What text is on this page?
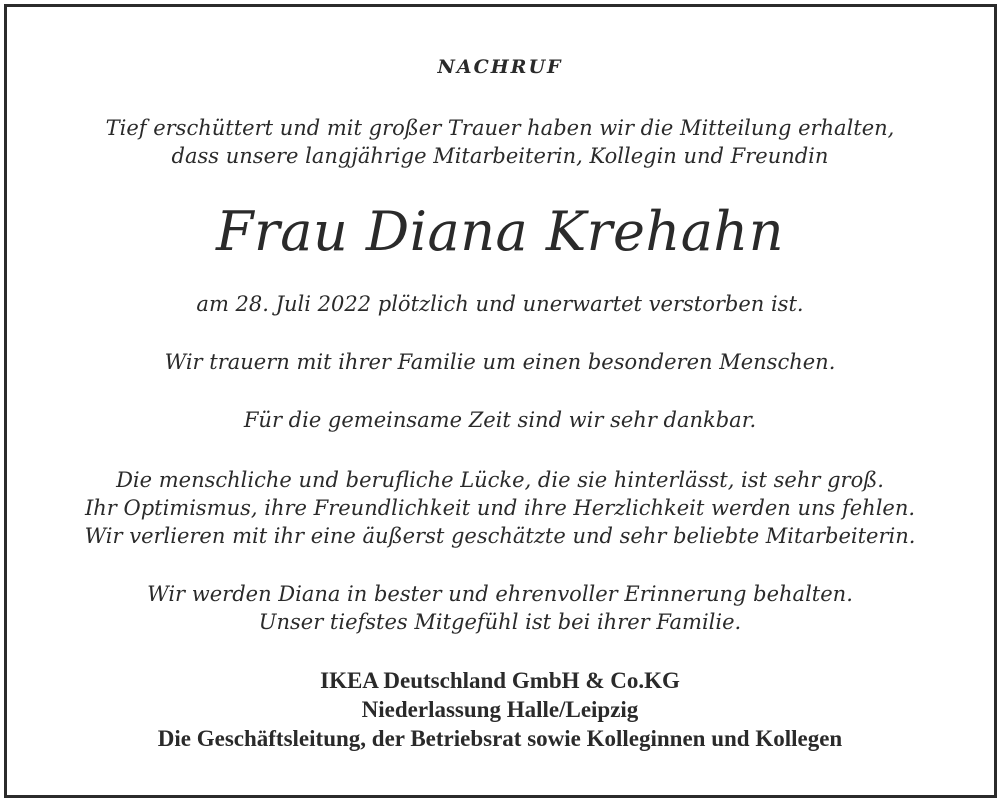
NACHRUF
Tief erschüttert und mit großer Trauer haben wir die Mitteilung erhalten,
dass unsere langjährige Mitarbeiterin, Kollegin und Freundin
Frau Diana Krehahn
am 28. Juli 2022 plötzlich und unerwartet verstorben ist.
Wir trauern mit ihrer Familie um einen besonderen Menschen.
Für die gemeinsame Zeit sind wir sehr dankbar.
Die menschliche und berufliche Lücke, die sie hinterlässt, ist sehr groß.
Ihr Optimismus, ihre Freundlichkeit und ihre Herzlichkeit werden uns fehlen.
Wir verlieren mit ihr eine äußerst geschätzte und sehr beliebte Mitarbeiterin.
Wir werden Diana in bester und ehrenvoller Erinnerung behalten.
Unser tiefstes Mitgefühl ist bei ihrer Familie.
IKEA Deutschland GmbH & Co.KG
Niederlassung Halle/Leipzig
Die Geschäftsleitung, der Betriebsrat sowie Kolleginnen und Kollegen
